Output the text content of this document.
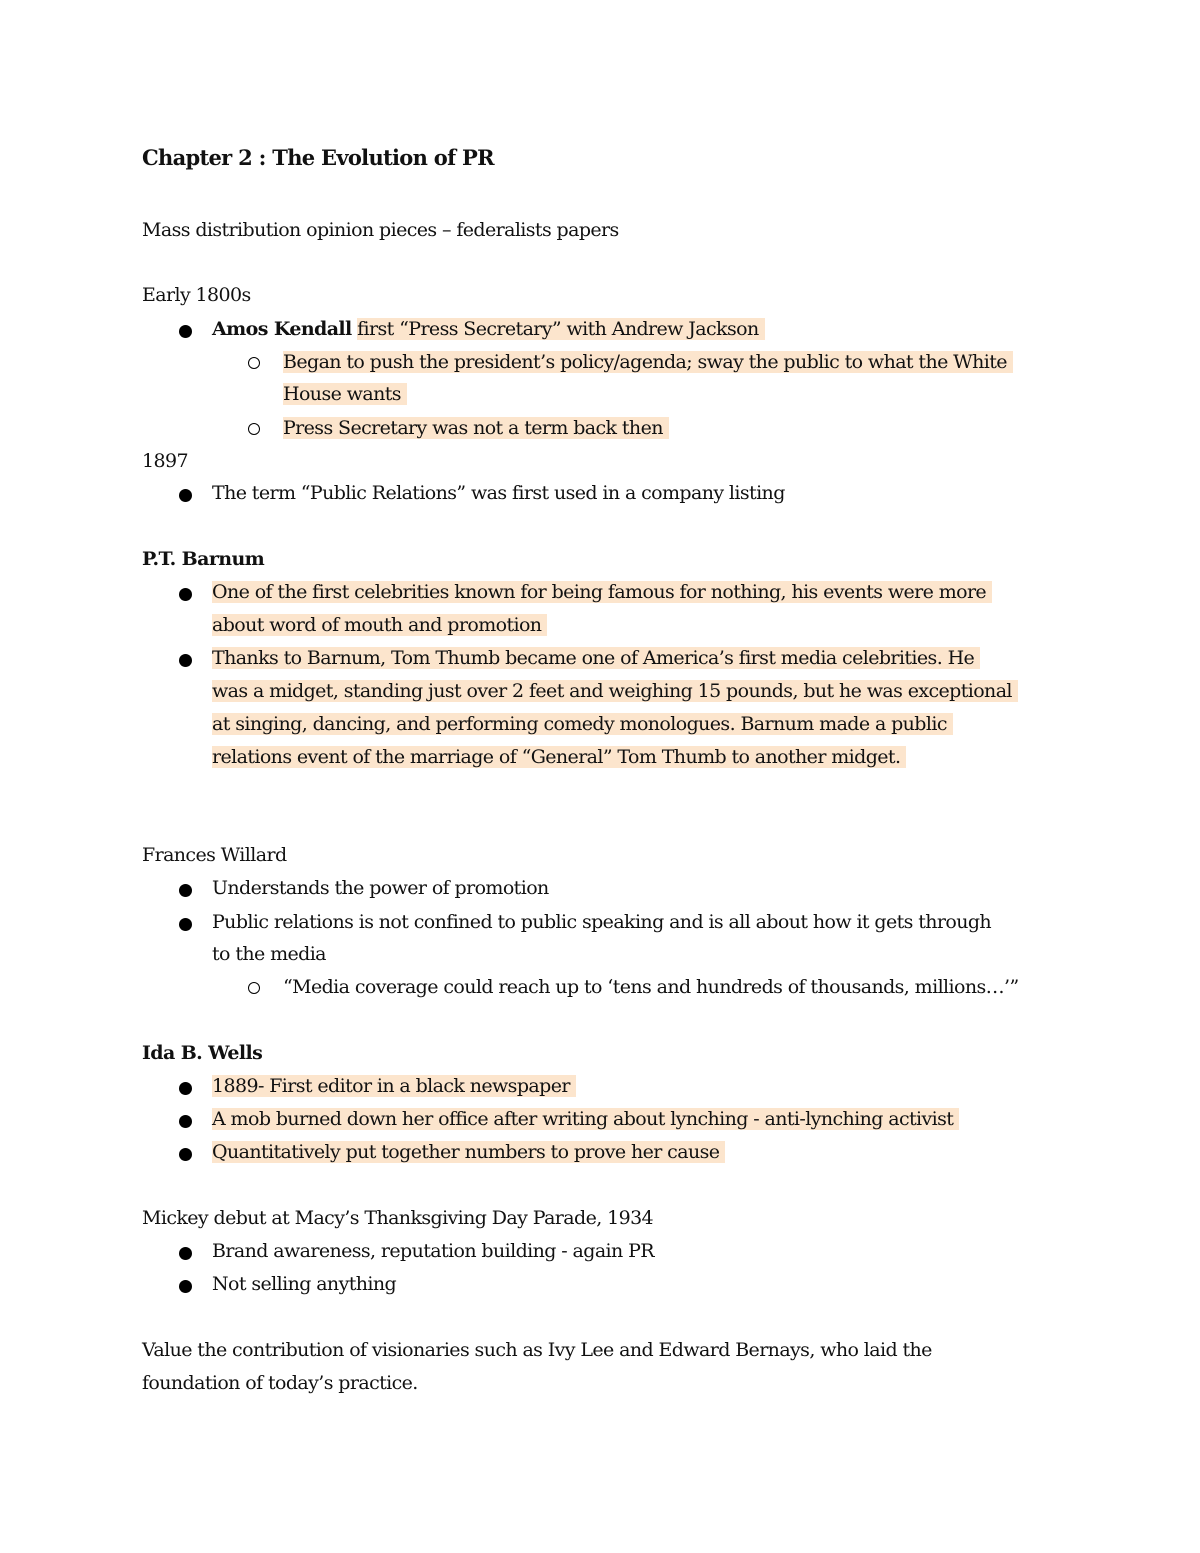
Chapter 2 : The Evolution of PR
Mass distribution opinion pieces – federalists papers
Early 1800s
Amos Kendall first “Press Secretary” with Andrew Jackson
Began to push the president’s policy/agenda; sway the public to what the White
House wants
Press Secretary was not a term back then
1897
The term “Public Relations” was first used in a company listing
P.T. Barnum
One of the first celebrities known for being famous for nothing, his events were more
about word of mouth and promotion
Thanks to Barnum, Tom Thumb became one of America’s first media celebrities. He
was a midget, standing just over 2 feet and weighing 15 pounds, but he was exceptional
at singing, dancing, and performing comedy monologues. Barnum made a public
relations event of the marriage of “General” Tom Thumb to another midget.
Frances Willard
Understands the power of promotion
Public relations is not confined to public speaking and is all about how it gets through
to the media
“Media coverage could reach up to ‘tens and hundreds of thousands, millions…’”
Ida B. Wells
1889- First editor in a black newspaper
A mob burned down her office after writing about lynching - anti-lynching activist
Quantitatively put together numbers to prove her cause
Mickey debut at Macy’s Thanksgiving Day Parade, 1934
Brand awareness, reputation building - again PR
Not selling anything
Value the contribution of visionaries such as Ivy Lee and Edward Bernays, who laid the
foundation of today’s practice.
